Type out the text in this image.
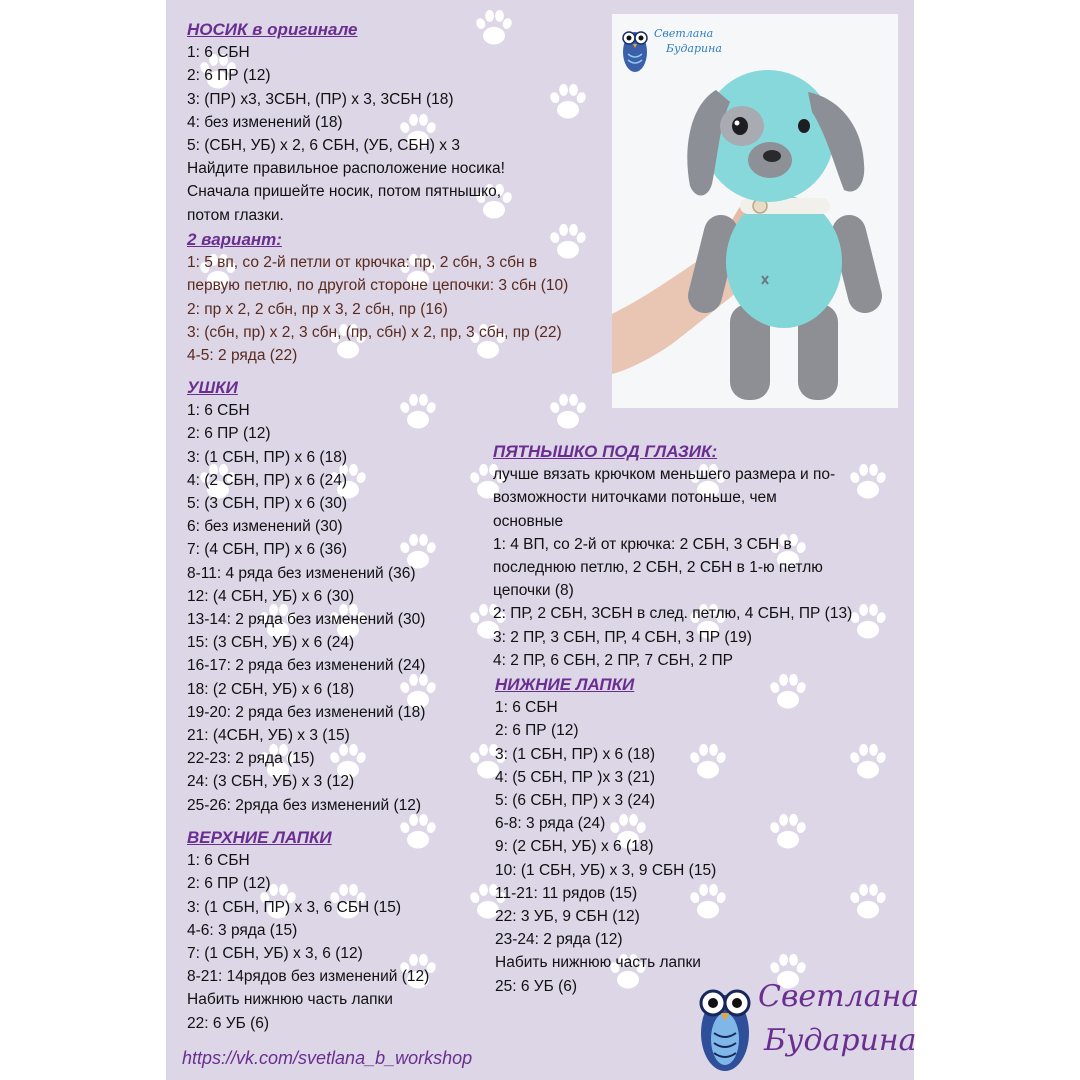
НОСИК в оригинале
1: 6 СБН
2: 6 ПР (12)
3: (ПР) х3, 3СБН, (ПР) х 3, 3СБН (18)
4: без изменений (18)
5: (СБН, УБ) х 2, 6 СБН, (УБ, СБН) х 3
Найдите правильное расположение носика!
Сначала пришейте носик, потом пятнышко,
потом глазки.
2 вариант:
1: 5 вп, со 2-й петли от крючка: пр, 2 сбн, 3 сбн в
первую петлю, по другой стороне цепочки: 3 сбн (10)
2: пр х 2, 2 сбн, пр х 3, 2 сбн, пр (16)
3: (сбн, пр) х 2, 3 сбн, (пр, сбн) х 2, пр, 3 сбн, пр (22)
4-5: 2 ряда (22)
УШКИ
1: 6 СБН
2: 6 ПР (12)
3: (1 СБН, ПР) х 6 (18)
4: (2 СБН, ПР) х 6 (24)
5: (3 СБН, ПР) х 6 (30)
6: без изменений (30)
7: (4 СБН, ПР) х 6 (36)
8-11: 4 ряда без изменений (36)
12: (4 СБН, УБ) х 6 (30)
13-14: 2 ряда без изменений (30)
15: (3 СБН, УБ) х 6 (24)
16-17: 2 ряда без изменений (24)
18: (2 СБН, УБ) х 6 (18)
19-20: 2 ряда без изменений (18)
21: (4СБН, УБ) х 3 (15)
22-23: 2 ряда (15)
24: (3 СБН, УБ) х 3 (12)
25-26: 2ряда без изменений (12)
ВЕРХНИЕ ЛАПКИ
1: 6 СБН
2: 6 ПР (12)
3: (1 СБН, ПР) х 3, 6 СБН (15)
4-6: 3 ряда (15)
7: (1 СБН, УБ) х 3, 6 (12)
8-21: 14рядов без изменений (12)
Набить нижнюю часть лапки
22: 6 УБ (6)
ПЯТНЫШКО ПОД ГЛАЗИК:
лучше вязать крючком меньшего размера и по-
возможности ниточками потоньше, чем
основные
1: 4 ВП, со 2-й от крючка: 2 СБН, 3 СБН в
последнюю петлю, 2 СБН, 2 СБН в 1-ю петлю
цепочки (8)
2: ПР, 2 СБН, 3СБН в след. петлю, 4 СБН, ПР (13)
3: 2 ПР, 3 СБН, ПР, 4 СБН, 3 ПР (19)
4: 2 ПР, 6 СБН, 2 ПР, 7 СБН, 2 ПР
НИЖНИЕ ЛАПКИ
1: 6 СБН
2: 6 ПР (12)
3: (1 СБН, ПР) х 6 (18)
4: (5 СБН, ПР )х 3 (21)
5: (6 СБН, ПР) х 3 (24)
6-8: 3 ряда (24)
9: (2 СБН, УБ) х 6 (18)
10: (1 СБН, УБ) х 3, 9 СБН (15)
11-21: 11 рядов (15)
22: 3 УБ, 9 СБН (12)
23-24: 2 ряда (12)
Набить нижнюю часть лапки
25: 6 УБ (6)
Светлана
Бударина
https://vk.com/svetlana_b_workshop
Светлана
Бударина
